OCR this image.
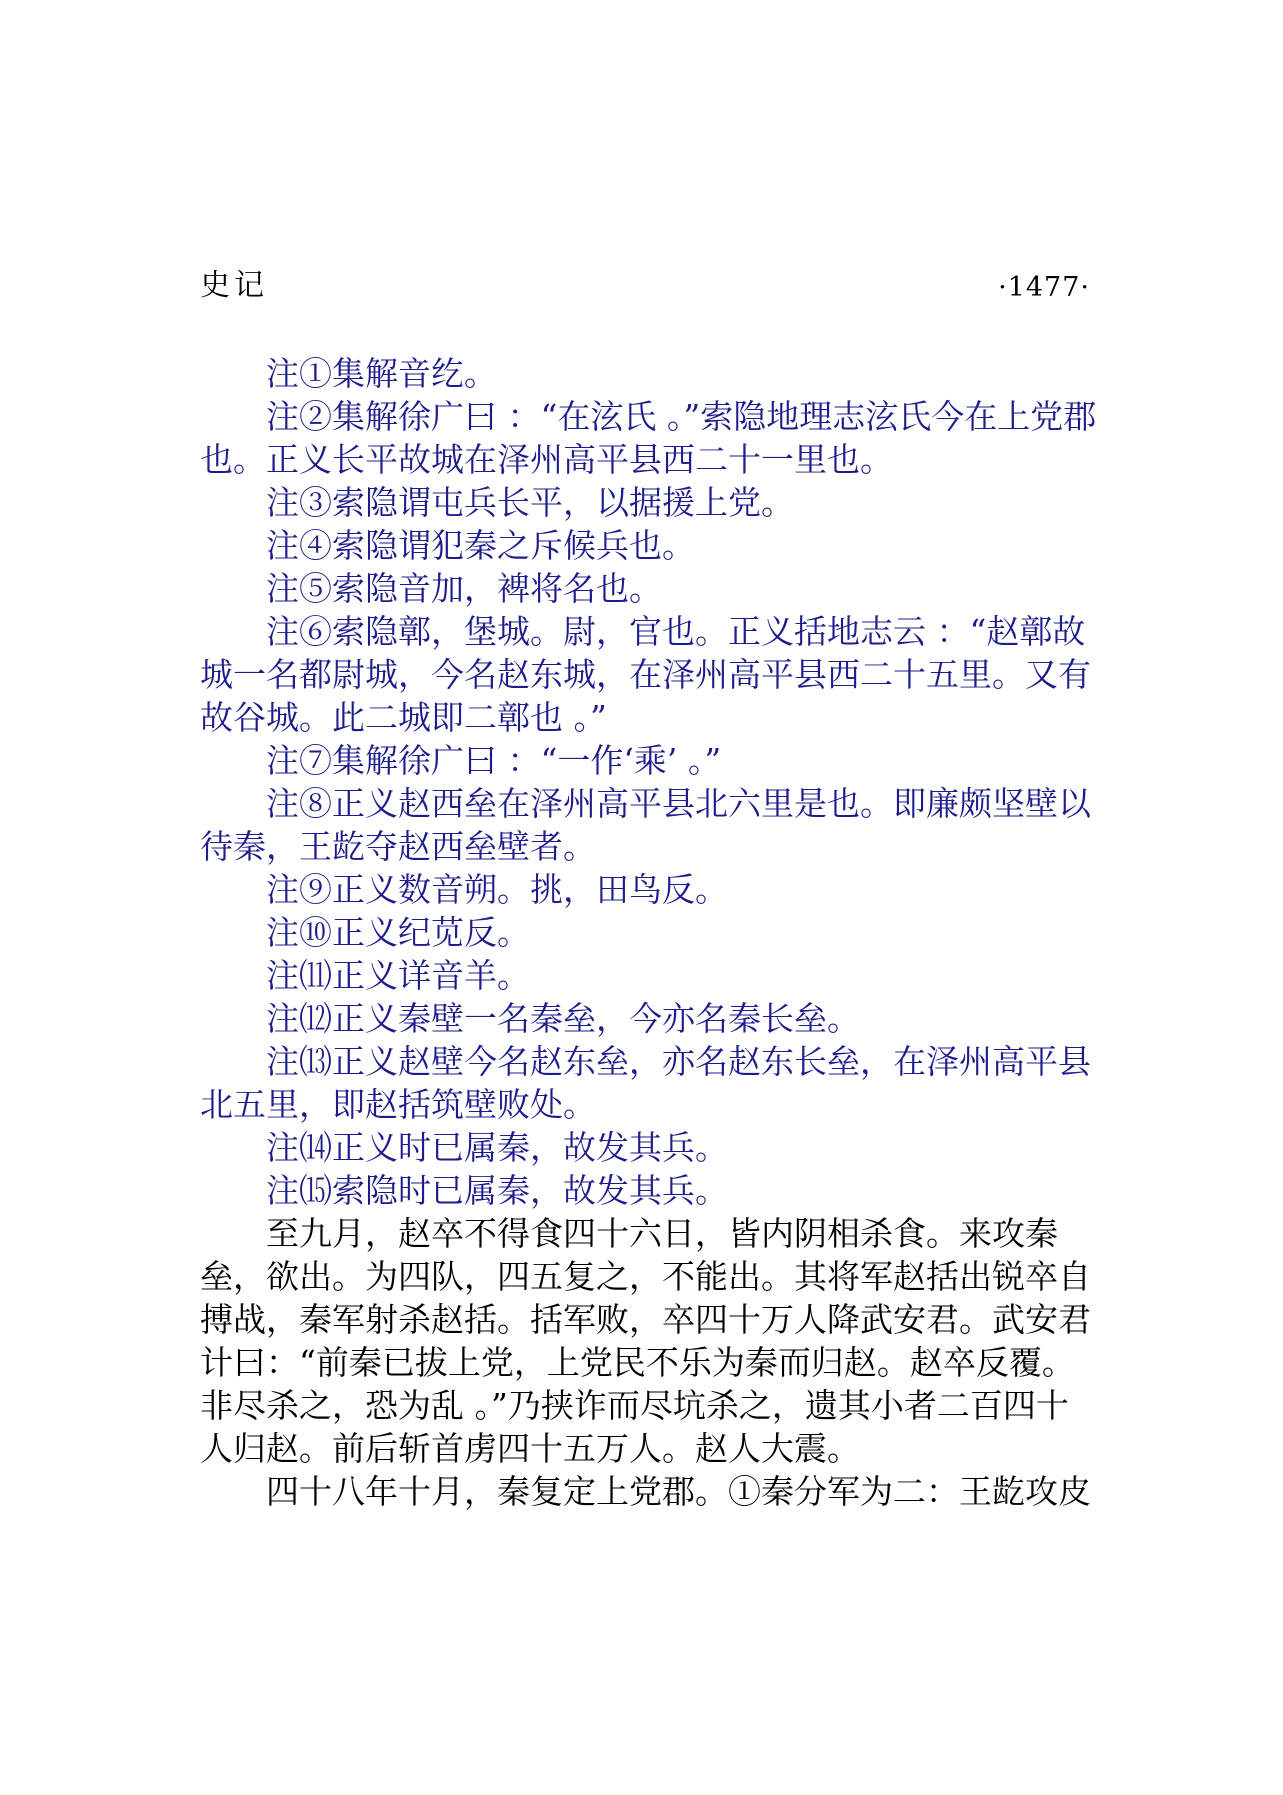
史记	·1477·

注①集解音纥。

注②集解徐广曰 ：“在泫氏 。”索隐地理志泫氏今在上党郡也。正义长平故城在泽州高平县西二十一里也。

注③索隐谓屯兵长平，以据援上党。

注④索隐谓犯秦之斥候兵也。

注⑤索隐音加，裨将名也。

注⑥索隐鄣，堡城。尉，官也。正义括地志云 ：“赵鄣故城一名都尉城，今名赵东城，在泽州高平县西二十五里。又有故谷城。此二城即二鄣也 。”

注⑦集解徐广曰 ：“一作‘乘’ 。”

注⑧正义赵西垒在泽州高平县北六里是也。即廉颇坚壁以待秦，王龁夺赵西垒壁者。

注⑨正义数音朔。挑，田鸟反。

注⑩正义纪苋反。

注⑾正义详音羊。

注⑿正义秦壁一名秦垒，今亦名秦长垒。

注⒀正义赵壁今名赵东垒，亦名赵东长垒，在泽州高平县北五里，即赵括筑壁败处。

注⒁正义时已属秦，故发其兵。

注⒂索隐时已属秦，故发其兵。

至九月，赵卒不得食四十六日，皆内阴相杀食。来攻秦垒，欲出。为四队，四五复之，不能出。其将军赵括出锐卒自搏战，秦军射杀赵括。括军败，卒四十万人降武安君。武安君计曰：“前秦已拔上党，上党民不乐为秦而归赵。赵卒反覆。非尽杀之，恐为乱 。”乃挟诈而尽坑杀之，遗其小者二百四十人归赵。前后斩首虏四十五万人。赵人大震。

四十八年十月，秦复定上党郡。①秦分军为二：王龁攻皮
